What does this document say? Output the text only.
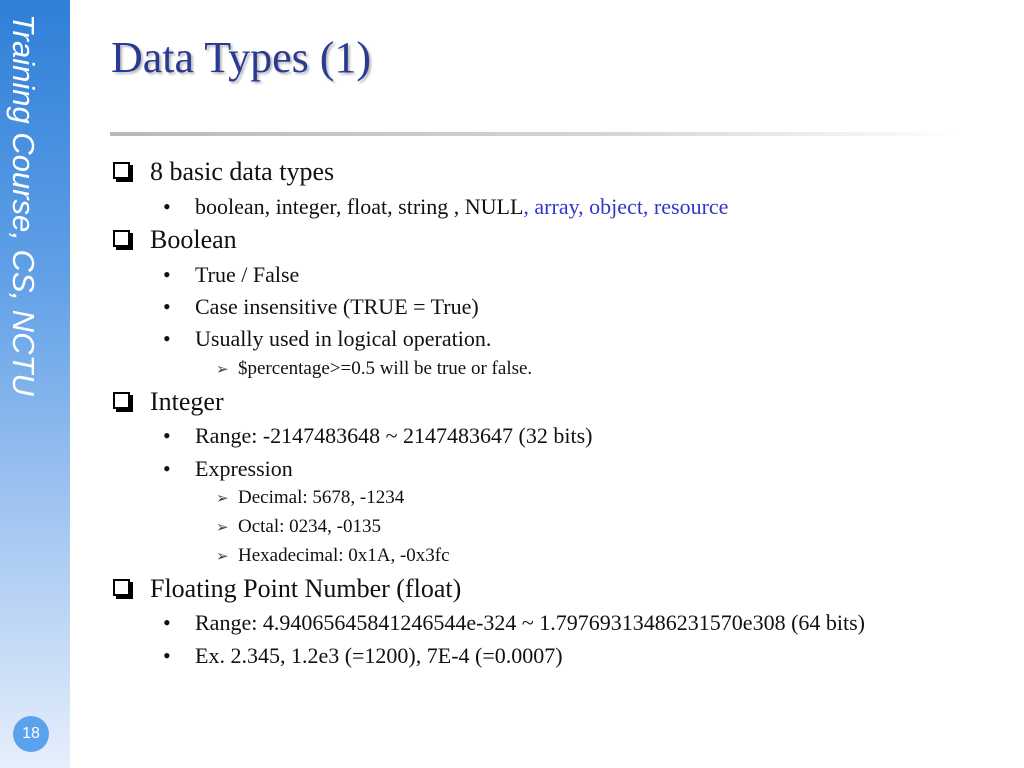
Training Course, CS, NCTU
18
Data Types (1)
8 basic data types
• boolean, integer, float, string , NULL, array, object, resource
Boolean
• True / False
• Case insensitive (TRUE = True)
• Usually used in logical operation.
➢ $percentage>=0.5 will be true or false.
Integer
• Range: -2147483648 ~ 2147483647 (32 bits)
• Expression
➢ Decimal: 5678, -1234
➢ Octal: 0234, -0135
➢ Hexadecimal: 0x1A, -0x3fc
Floating Point Number (float)
• Range: 4.94065645841246544e-324 ~ 1.79769313486231570e308 (64 bits)
• Ex. 2.345, 1.2e3 (=1200), 7E-4 (=0.0007)
